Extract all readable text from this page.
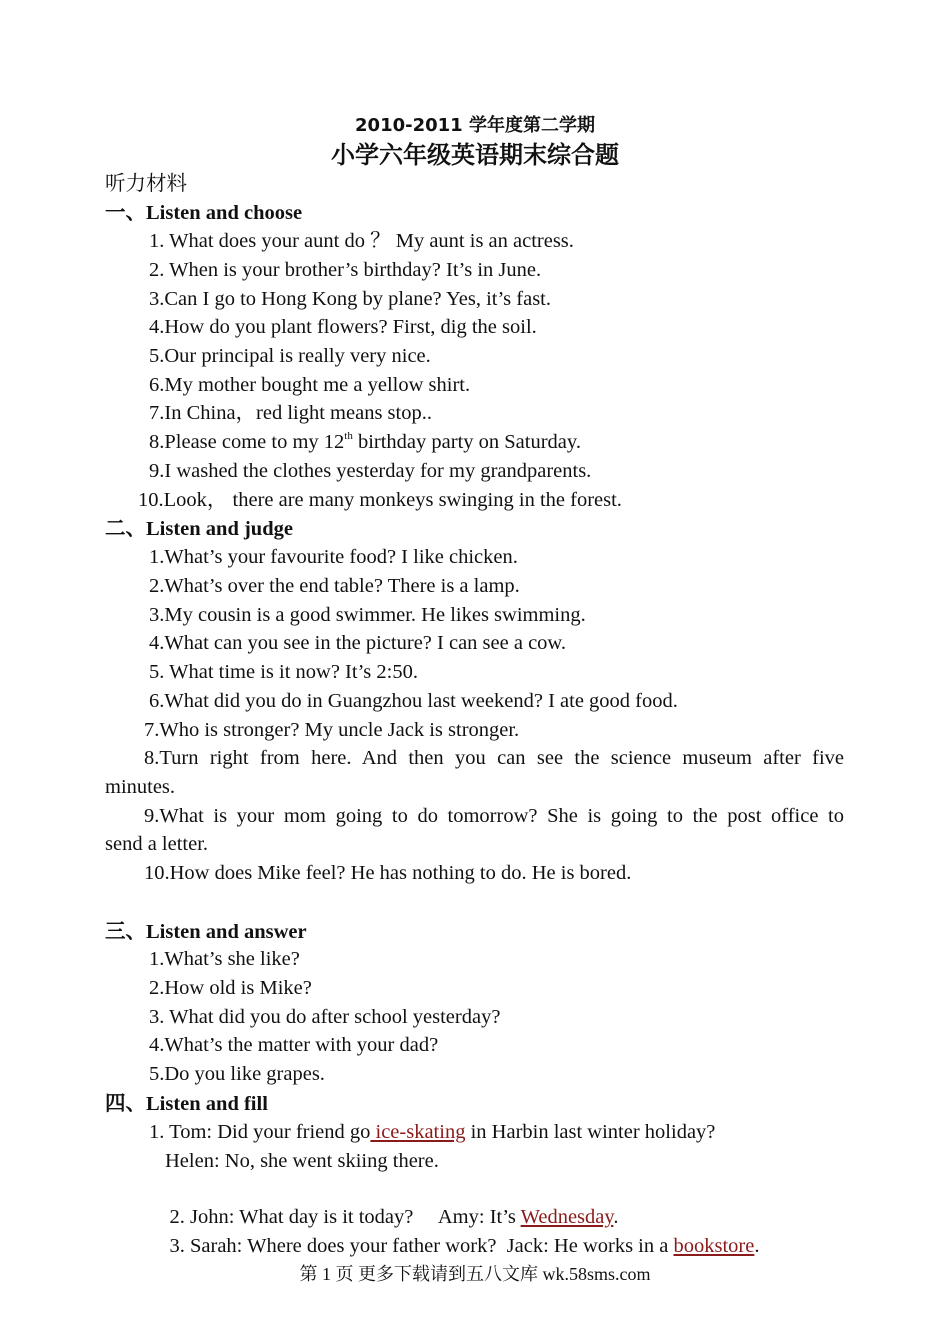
2010-2011 学年度第二学期
小学六年级英语期末综合题
听力材料
一、Listen and choose
1. What does your aunt do ？ My aunt is an actress.
2. When is your brother’s birthday? It’s in June.
3.Can I go to Hong Kong by plane? Yes, it’s fast.
4.How do you plant flowers? First, dig the soil.
5.Our principal is really very nice.
6.My mother bought me a yellow shirt.
7.In China，red light means stop..
8.Please come to my 12th birthday party on Saturday.
9.I washed the clothes yesterday for my grandparents.
10.Look， there are many monkeys swinging in the forest.
二、Listen and judge
1.What’s your favourite food? I like chicken.
2.What’s over the end table? There is a lamp.
3.My cousin is a good swimmer. He likes swimming.
4.What can you see in the picture? I can see a cow.
5. What time is it now? It’s 2:50.
6.What did you do in Guangzhou last weekend? I ate good food.
7.Who is stronger? My uncle Jack is stronger.
8.Turn right from here. And then you can see the science museum after five
minutes.
9.What is your mom going to do tomorrow? She is going to the post office to
send a letter.
10.How does Mike feel? He has nothing to do. He is bored.
三、Listen and answer
1.What’s she like?
2.How old is Mike?
3. What did you do after school yesterday?
4.What’s the matter with your dad?
5.Do you like grapes.
四、Listen and fill
1. Tom: Did your friend go ice-skating in Harbin last winter holiday?
Helen: No, she went skiing there.

2. John: What day is it today?     Amy: It’s Wednesday.

3. Sarah: Where does your father work?  Jack: He works in a bookstore.

第 1 页 更多下载请到五八文库 wk.58sms.com
